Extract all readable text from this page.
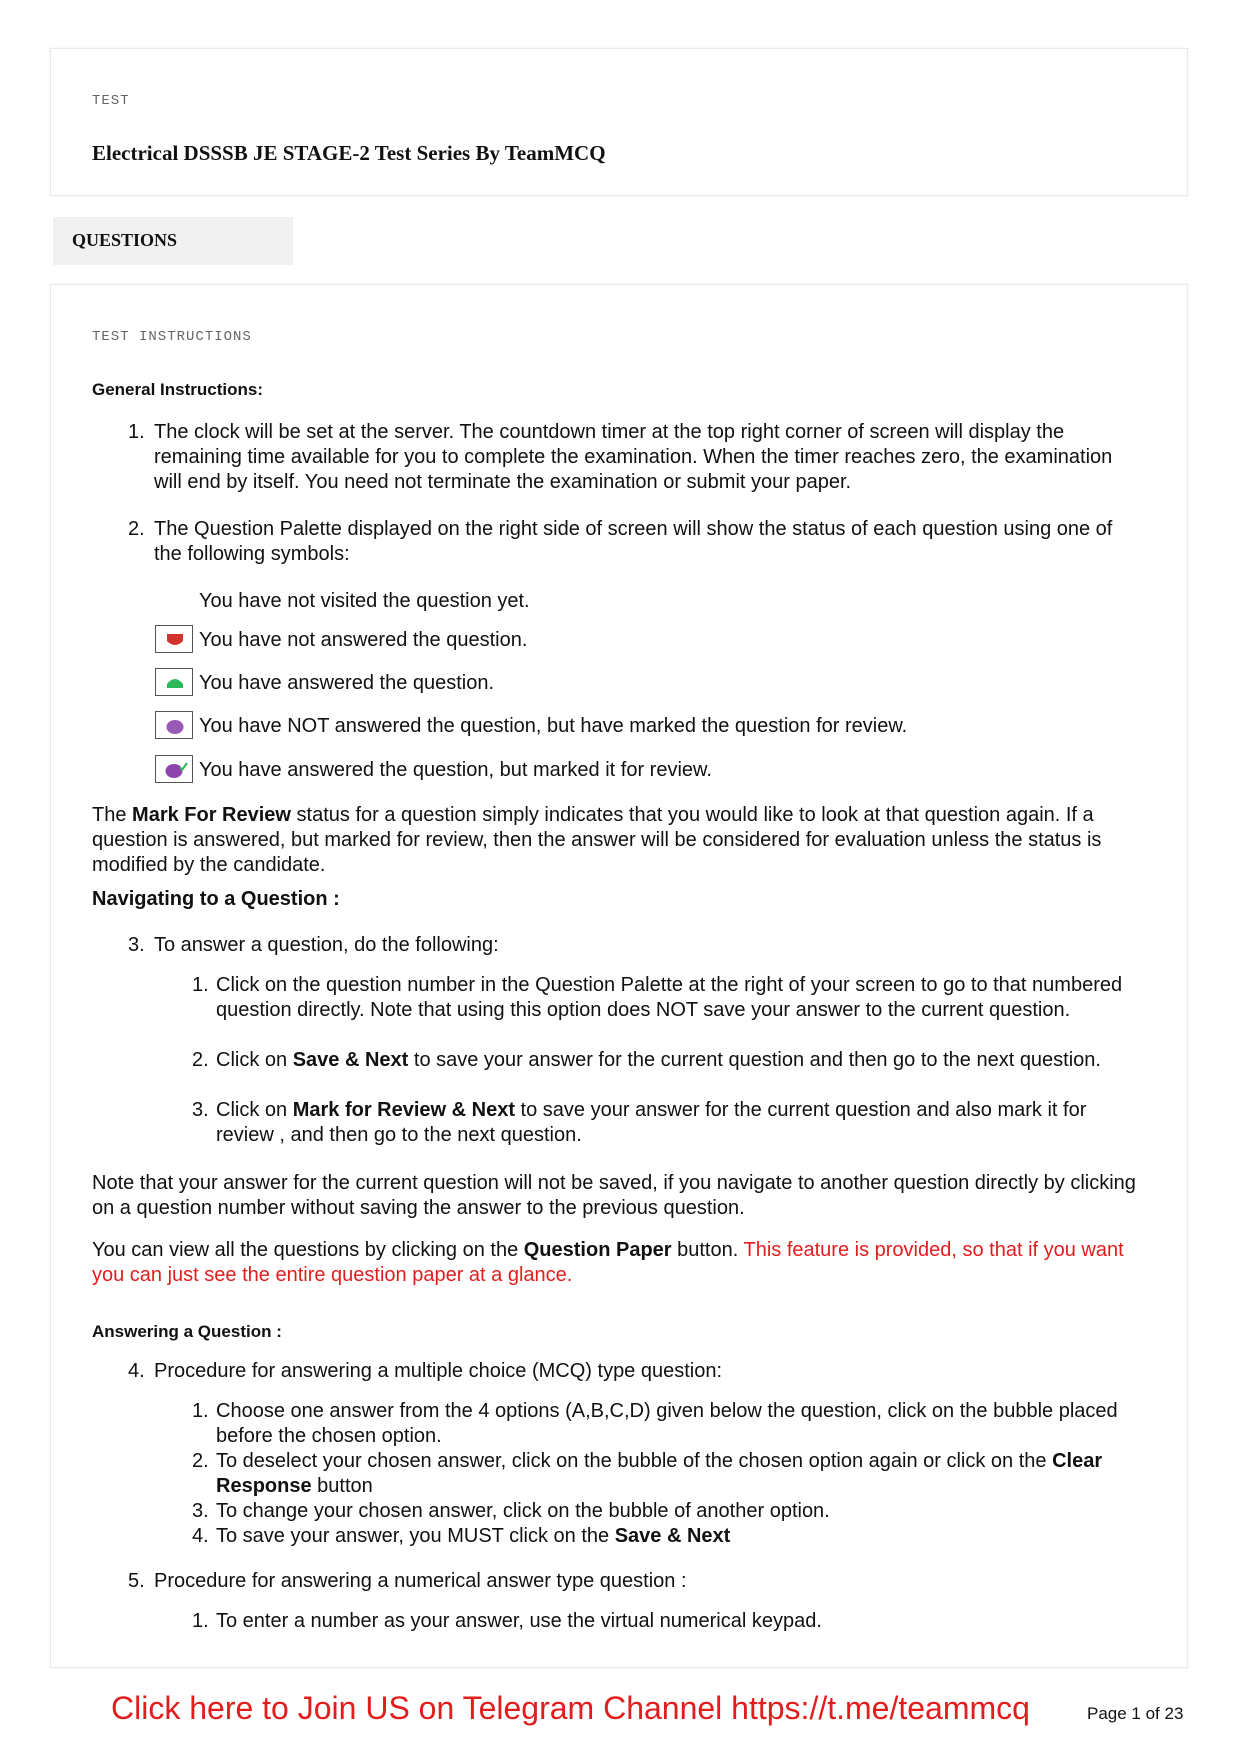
TEST
Electrical DSSSB JE STAGE-2 Test Series By TeamMCQ
QUESTIONS
TEST INSTRUCTIONS
General Instructions:
1. The clock will be set at the server. The countdown timer at the top right corner of screen will display the remaining time available for you to complete the examination. When the timer reaches zero, the examination will end by itself. You need not terminate the examination or submit your paper.
2. The Question Palette displayed on the right side of screen will show the status of each question using one of the following symbols:
You have not visited the question yet.
You have not answered the question.
You have answered the question.
You have NOT answered the question, but have marked the question for review.
You have answered the question, but marked it for review.
The Mark For Review status for a question simply indicates that you would like to look at that question again. If a question is answered, but marked for review, then the answer will be considered for evaluation unless the status is modified by the candidate.
Navigating to a Question :
3. To answer a question, do the following:
1. Click on the question number in the Question Palette at the right of your screen to go to that numbered question directly. Note that using this option does NOT save your answer to the current question.
2. Click on Save & Next to save your answer for the current question and then go to the next question.
3. Click on Mark for Review & Next to save your answer for the current question and also mark it for review , and then go to the next question.
Note that your answer for the current question will not be saved, if you navigate to another question directly by clicking on a question number without saving the answer to the previous question.
You can view all the questions by clicking on the Question Paper button. This feature is provided, so that if you want you can just see the entire question paper at a glance.
Answering a Question :
4. Procedure for answering a multiple choice (MCQ) type question:
1. Choose one answer from the 4 options (A,B,C,D) given below the question, click on the bubble placed before the chosen option.
2. To deselect your chosen answer, click on the bubble of the chosen option again or click on the Clear Response button
3. To change your chosen answer, click on the bubble of another option.
4. To save your answer, you MUST click on the Save & Next
5. Procedure for answering a numerical answer type question :
1. To enter a number as your answer, use the virtual numerical keypad.
Click here to Join US on Telegram Channel https://t.me/teammcq	Page 1 of 23
